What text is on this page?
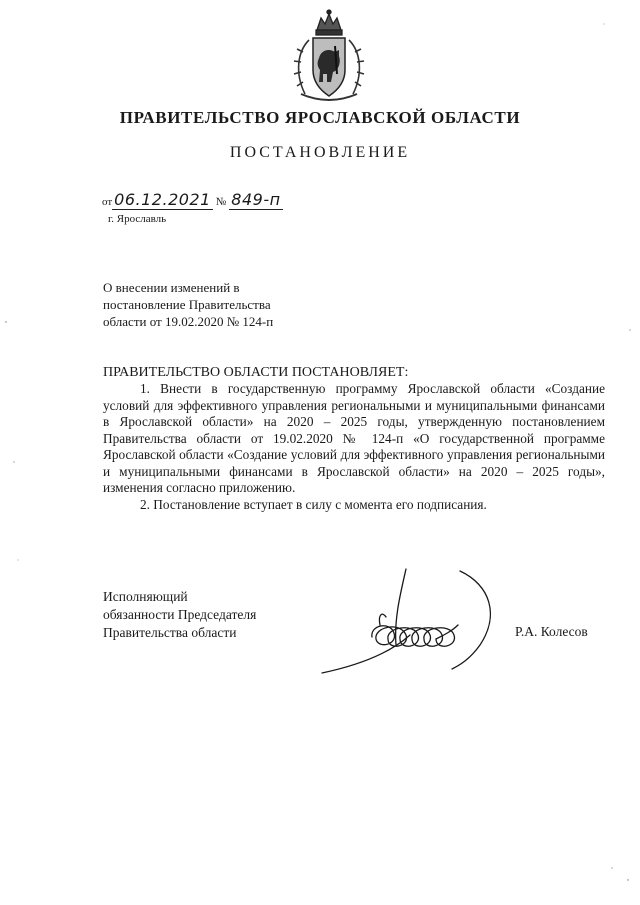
ПРАВИТЕЛЬСТВО ЯРОСЛАВСКОЙ ОБЛАСТИ
ПОСТАНОВЛЕНИЕ
от 06.12.2021 № 849-п
г. Ярославль
О внесении изменений в
постановление Правительства
области от 19.02.2020 № 124-п
ПРАВИТЕЛЬСТВО ОБЛАСТИ ПОСТАНОВЛЯЕТ:

1. Внести в государственную программу Ярославской области «Создание условий для эффективного управления региональными и муниципальными финансами в Ярославской области» на 2020 – 2025 годы, утвержденную постановлением Правительства области от 19.02.2020 № 124-п «О государственной программе Ярославской области «Создание условий для эффективного управления региональными и муниципальными финансами в Ярославской области» на 2020 – 2025 годы», изменения согласно приложению.

2. Постановление вступает в силу с момента его подписания.

Исполняющий
обязанности Председателя
Правительства области	Р.А. Колесов
